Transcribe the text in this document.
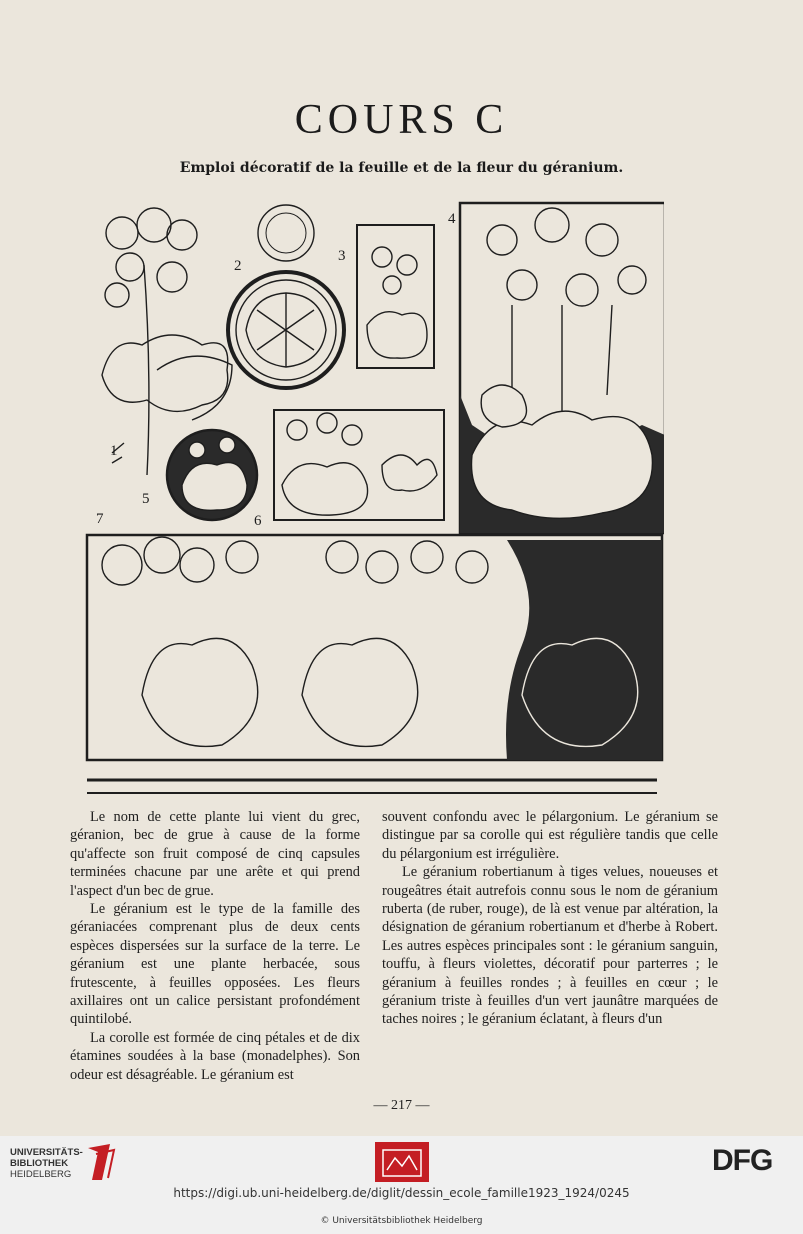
COURS C
Emploi décoratif de la feuille et de la fleur du géranium.
1
2
3
4
5
6
7

Le nom de cette plante lui vient du grec, géranion, bec de grue à cause de la forme qu'affecte son fruit composé de cinq capsules terminées chacune par une arête et qui prend l'aspect d'un bec de grue.

Le géranium est le type de la famille des géraniacées comprenant plus de deux cents espèces dispersées sur la surface de la terre. Le géranium est une plante herbacée, sous frutescente, à feuilles opposées. Les fleurs axillaires ont un calice persistant profondément quintilobé.

La corolle est formée de cinq pétales et de dix étamines soudées à la base (monadelphes). Son odeur est désagréable. Le géranium est

souvent confondu avec le pélargonium. Le géranium se distingue par sa corolle qui est régulière tandis que celle du pélargonium est irrégulière.

Le géranium robertianum à tiges velues, noueuses et rougeâtres était autrefois connu sous le nom de géranium ruberta (de ruber, rouge), de là est venue par altération, la désignation de géranium robertianum et d'herbe à Robert. Les autres espèces principales sont : le géranium sanguin, touffu, à fleurs violettes, décoratif pour parterres ; le géranium à feuilles rondes ; à feuilles en cœur ; le géranium triste à feuilles d'un vert jaunâtre marquées de taches noires ; le géranium éclatant, à fleurs d'un

— 217 —
UNIVERSITÄTS-
BIBLIOTHEK
HEIDELBERG	DFG
https://digi.ub.uni-heidelberg.de/diglit/dessin_ecole_famille1923_1924/0245
© Universitätsbibliothek Heidelberg
